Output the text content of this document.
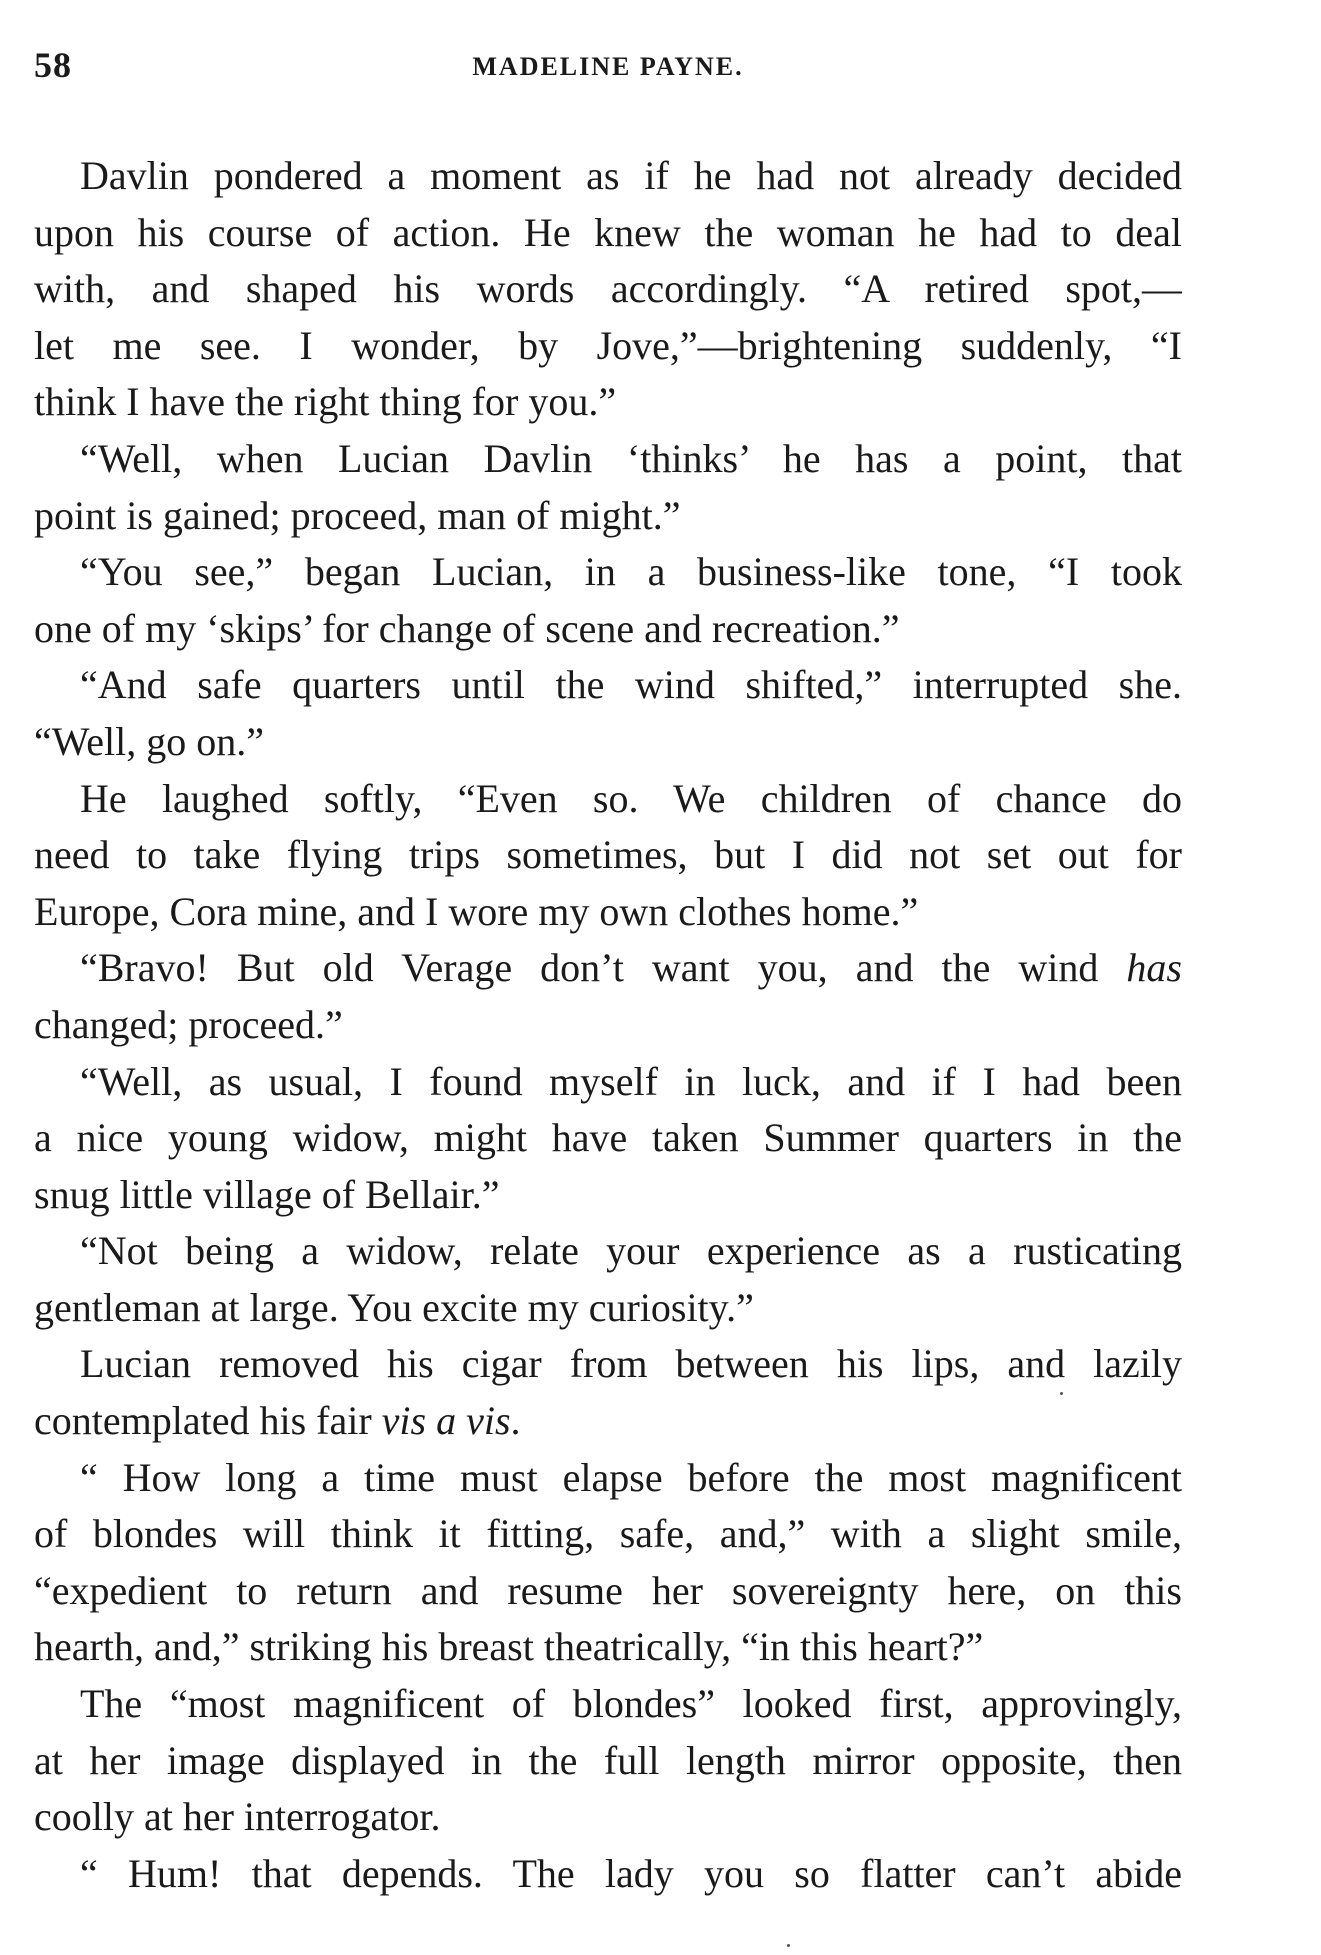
58	MADELINE PAYNE.
Davlin pondered a moment as if he had not already decided
upon his course of action. He knew the woman he had to deal
with, and shaped his words accordingly. “A retired spot,—
let me see. I wonder, by Jove,”—brightening suddenly, “I
think I have the right thing for you.”
“Well, when Lucian Davlin ‘thinks’ he has a point, that
point is gained; proceed, man of might.”
“You see,” began Lucian, in a business-like tone, “I took
one of my ‘skips’ for change of scene and recreation.”
“And safe quarters until the wind shifted,” interrupted she.
“Well, go on.”
He laughed softly, “Even so. We children of chance do
need to take flying trips sometimes, but I did not set out for
Europe, Cora mine, and I wore my own clothes home.”
“Bravo! But old Verage don’t want you, and the wind has
changed; proceed.”
“Well, as usual, I found myself in luck, and if I had been
a nice young widow, might have taken Summer quarters in the
snug little village of Bellair.”
“Not being a widow, relate your experience as a rusticating
gentleman at large. You excite my curiosity.”
Lucian removed his cigar from between his lips, and lazily
contemplated his fair vis a vis.
“ How long a time must elapse before the most magnificent
of blondes will think it fitting, safe, and,” with a slight smile,
“expedient to return and resume her sovereignty here, on this
hearth, and,” striking his breast theatrically, “in this heart?”
The “most magnificent of blondes” looked first, approvingly,
at her image displayed in the full length mirror opposite, then
coolly at her interrogator.
“ Hum! that depends. The lady you so flatter can’t abide
